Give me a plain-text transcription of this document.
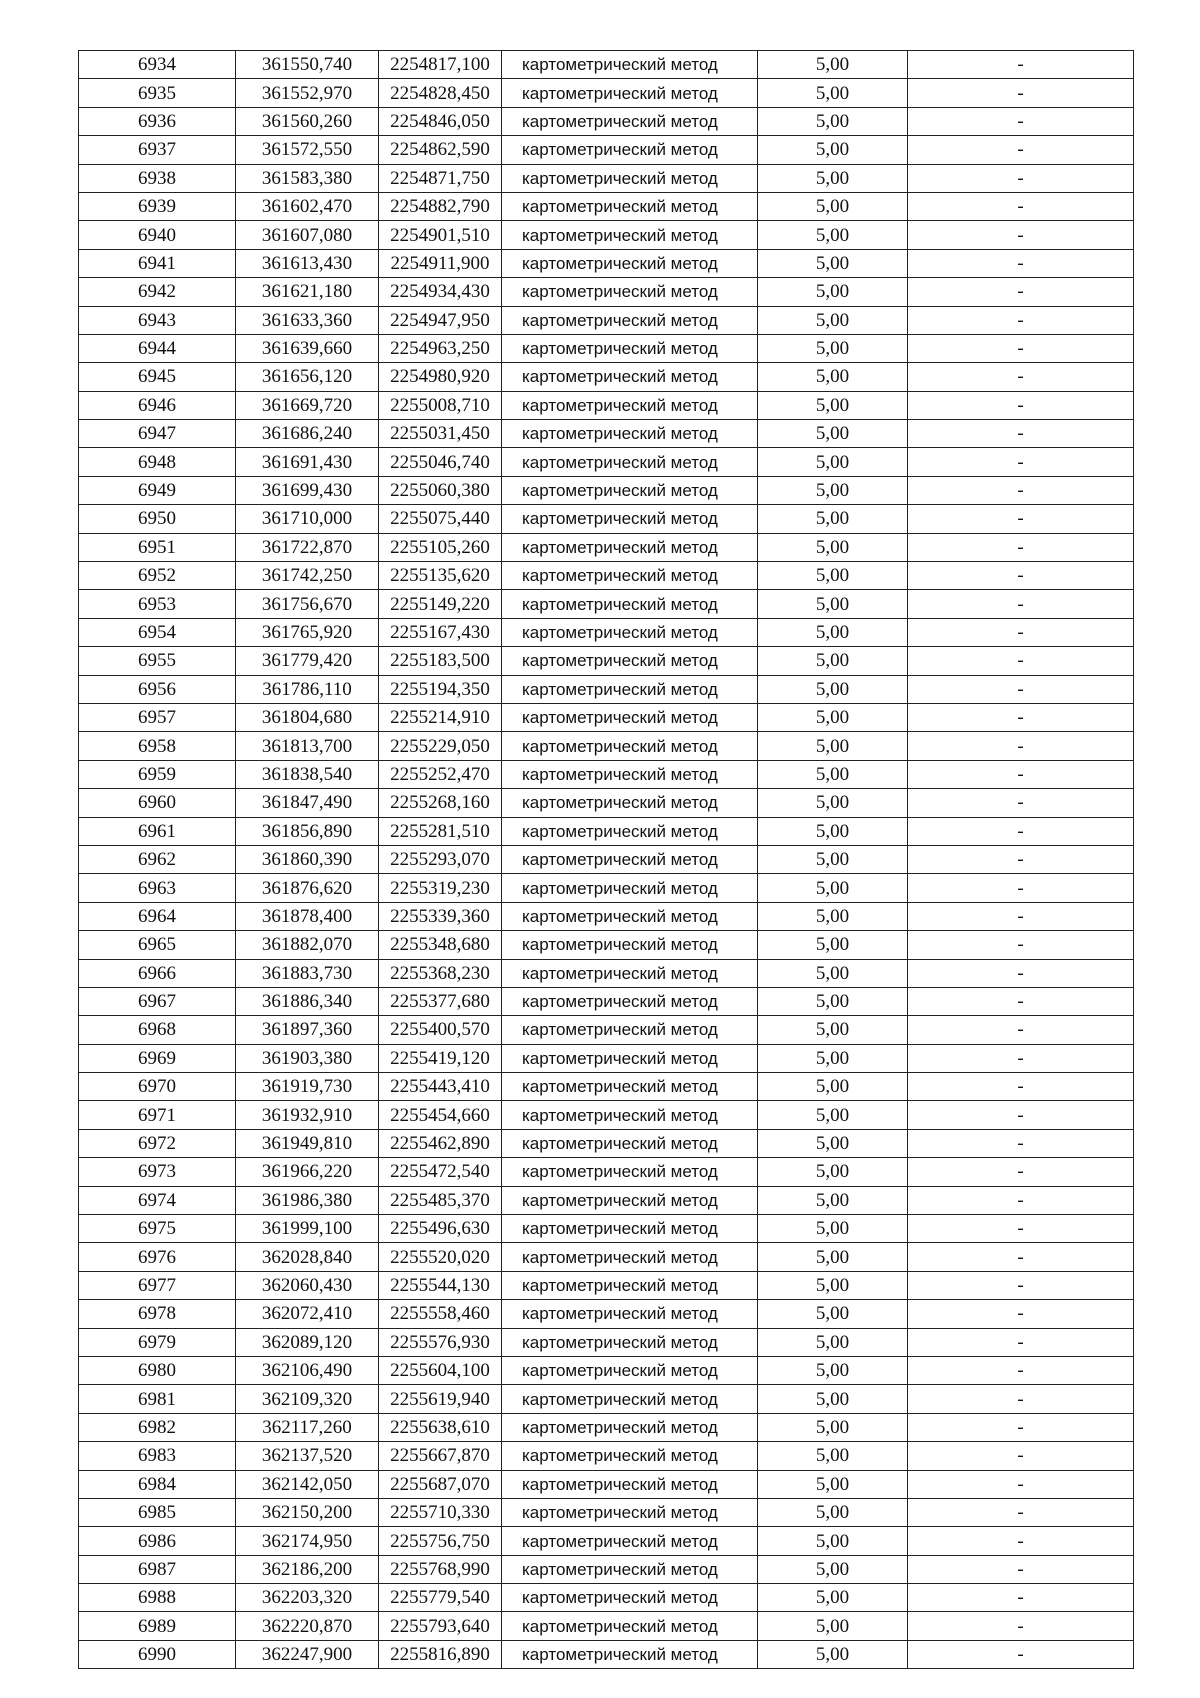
6934	361550,740	2254817,100	картометрический метод	5,00	-
6935	361552,970	2254828,450	картометрический метод	5,00	-
6936	361560,260	2254846,050	картометрический метод	5,00	-
6937	361572,550	2254862,590	картометрический метод	5,00	-
6938	361583,380	2254871,750	картометрический метод	5,00	-
6939	361602,470	2254882,790	картометрический метод	5,00	-
6940	361607,080	2254901,510	картометрический метод	5,00	-
6941	361613,430	2254911,900	картометрический метод	5,00	-
6942	361621,180	2254934,430	картометрический метод	5,00	-
6943	361633,360	2254947,950	картометрический метод	5,00	-
6944	361639,660	2254963,250	картометрический метод	5,00	-
6945	361656,120	2254980,920	картометрический метод	5,00	-
6946	361669,720	2255008,710	картометрический метод	5,00	-
6947	361686,240	2255031,450	картометрический метод	5,00	-
6948	361691,430	2255046,740	картометрический метод	5,00	-
6949	361699,430	2255060,380	картометрический метод	5,00	-
6950	361710,000	2255075,440	картометрический метод	5,00	-
6951	361722,870	2255105,260	картометрический метод	5,00	-
6952	361742,250	2255135,620	картометрический метод	5,00	-
6953	361756,670	2255149,220	картометрический метод	5,00	-
6954	361765,920	2255167,430	картометрический метод	5,00	-
6955	361779,420	2255183,500	картометрический метод	5,00	-
6956	361786,110	2255194,350	картометрический метод	5,00	-
6957	361804,680	2255214,910	картометрический метод	5,00	-
6958	361813,700	2255229,050	картометрический метод	5,00	-
6959	361838,540	2255252,470	картометрический метод	5,00	-
6960	361847,490	2255268,160	картометрический метод	5,00	-
6961	361856,890	2255281,510	картометрический метод	5,00	-
6962	361860,390	2255293,070	картометрический метод	5,00	-
6963	361876,620	2255319,230	картометрический метод	5,00	-
6964	361878,400	2255339,360	картометрический метод	5,00	-
6965	361882,070	2255348,680	картометрический метод	5,00	-
6966	361883,730	2255368,230	картометрический метод	5,00	-
6967	361886,340	2255377,680	картометрический метод	5,00	-
6968	361897,360	2255400,570	картометрический метод	5,00	-
6969	361903,380	2255419,120	картометрический метод	5,00	-
6970	361919,730	2255443,410	картометрический метод	5,00	-
6971	361932,910	2255454,660	картометрический метод	5,00	-
6972	361949,810	2255462,890	картометрический метод	5,00	-
6973	361966,220	2255472,540	картометрический метод	5,00	-
6974	361986,380	2255485,370	картометрический метод	5,00	-
6975	361999,100	2255496,630	картометрический метод	5,00	-
6976	362028,840	2255520,020	картометрический метод	5,00	-
6977	362060,430	2255544,130	картометрический метод	5,00	-
6978	362072,410	2255558,460	картометрический метод	5,00	-
6979	362089,120	2255576,930	картометрический метод	5,00	-
6980	362106,490	2255604,100	картометрический метод	5,00	-
6981	362109,320	2255619,940	картометрический метод	5,00	-
6982	362117,260	2255638,610	картометрический метод	5,00	-
6983	362137,520	2255667,870	картометрический метод	5,00	-
6984	362142,050	2255687,070	картометрический метод	5,00	-
6985	362150,200	2255710,330	картометрический метод	5,00	-
6986	362174,950	2255756,750	картометрический метод	5,00	-
6987	362186,200	2255768,990	картометрический метод	5,00	-
6988	362203,320	2255779,540	картометрический метод	5,00	-
6989	362220,870	2255793,640	картометрический метод	5,00	-
6990	362247,900	2255816,890	картометрический метод	5,00	-
